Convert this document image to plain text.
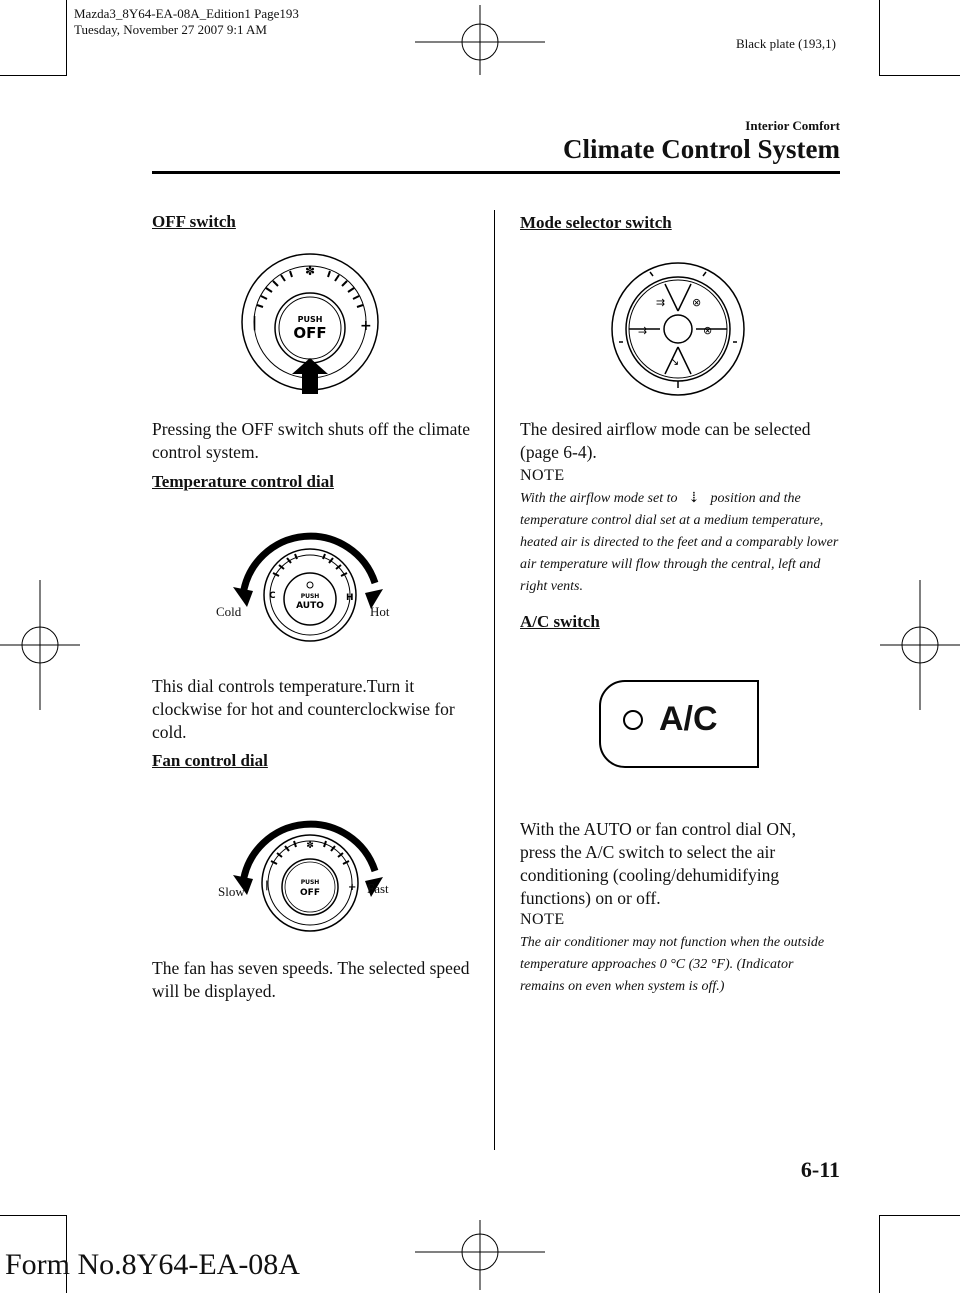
Mazda3_8Y64-EA-08A_Edition1 Page193
Tuesday, November 27 2007 9:1 AM
Black plate (193,1)
Interior Comfort
Climate Control System
OFF switch
✽
|	+
PUSH
OFF
Pressing the OFF switch shuts off the climate control system.
Temperature control dial
C	H
PUSH
AUTO
Cold	Hot
This dial controls temperature.Turn it clockwise for hot and counterclockwise for cold.
Fan control dial
✽
|	+
PUSH
OFF
Slow	Fast
The fan has seven speeds. The selected speed will be displayed.
Mode selector switch
⇉ ⊗
⇉	⊗
↘
The desired airflow mode can be selected (page 6-4).
NOTE
With the airflow mode set to ⇣ position and the temperature control dial set at a medium temperature, heated air is directed to the feet and a comparably lower air temperature will flow through the central, left and right vents.
A/C switch
A/C
With the AUTO or fan control dial ON, press the A/C switch to select the air conditioning (cooling/dehumidifying functions) on or off.
NOTE
The air conditioner may not function when the outside temperature approaches 0 °C (32 °F). (Indicator remains on even when system is off.)
6-11
Form No.8Y64-EA-08A
